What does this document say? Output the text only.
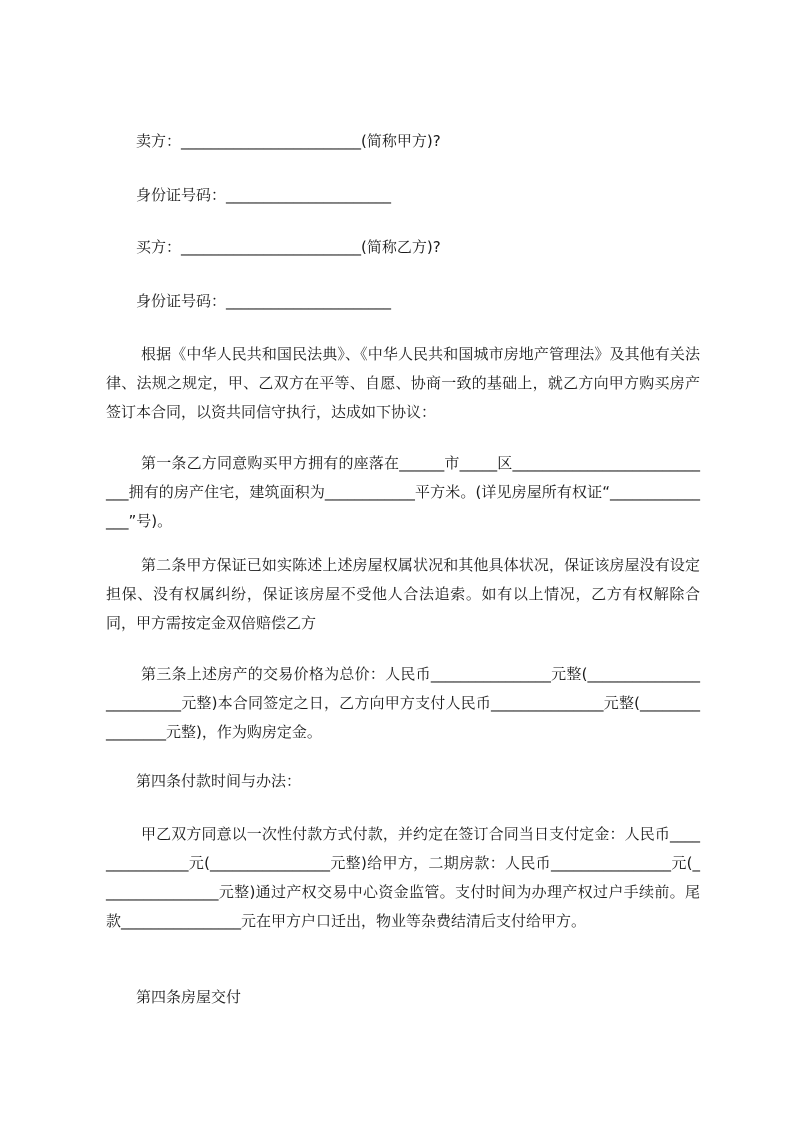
卖方：________________________(简称甲方)?
身份证号码：______________________
买方：________________________(简称乙方)?
身份证号码：______________________
根据《中华人民共和国民法典》、《中华人民共和国城市房地产管理法》及其他有关法律、法规之规定，甲、乙双方在平等、自愿、协商一致的基础上，就乙方向甲方购买房产签订本合同，以资共同信守执行，达成如下协议：
第一条乙方同意购买甲方拥有的座落在______市_____区____________________________拥有的房产住宅，建筑面积为____________平方米。(详见房屋所有权证“_______________”号)。
第二条甲方保证已如实陈述上述房屋权属状况和其他具体状况，保证该房屋没有设定担保、没有权属纠纷，保证该房屋不受他人合法追索。如有以上情况，乙方有权解除合同，甲方需按定金双倍赔偿乙方
第三条上述房产的交易价格为总价：人民币________________元整(_________________________元整)本合同签定之日，乙方向甲方支付人民币_______________元整(________________元整)，作为购房定金。
第四条付款时间与办法：
甲乙双方同意以一次性付款方式付款，并约定在签订合同当日支付定金：人民币_______________元(________________元整)给甲方，二期房款：人民币________________元(________________元整)通过产权交易中心资金监管。支付时间为办理产权过户手续前。尾款________________元在甲方户口迁出，物业等杂费结清后支付给甲方。
第四条房屋交付
